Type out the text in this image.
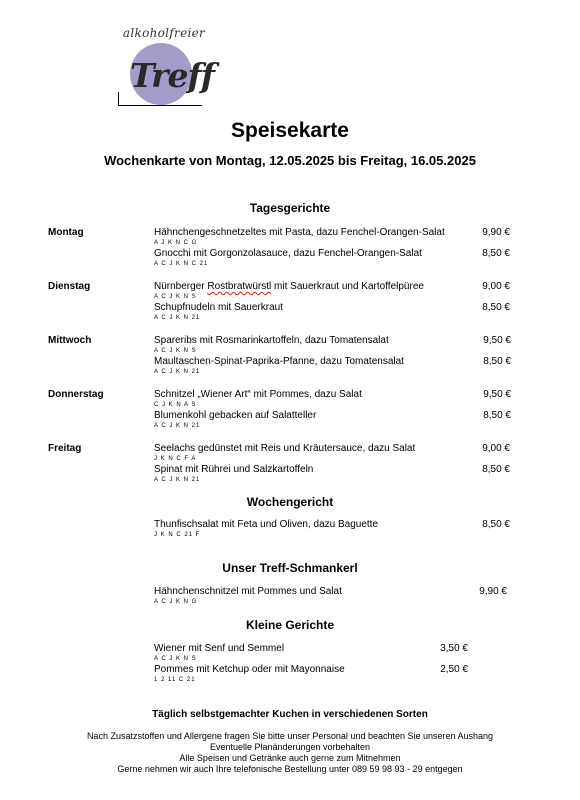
alkoholfreier
Treff
Speisekarte
Wochenkarte von Montag, 12.05.2025 bis Freitag, 16.05.2025
Tagesgerichte
Montag	Hähnchengeschnetzeltes mit Pasta, dazu Fenchel-Orangen-Salat	9,90 €
A J K N C G
Gnocchi mit Gorgonzolasauce, dazu Fenchel-Orangen-Salat	8,50 €
A C J K N C 21
Dienstag	Nürnberger Rostbratwürstl mit Sauerkraut und Kartoffelpüree	9,00 €
A C J K N S
Schupfnudeln mit Sauerkraut	8,50 €
A C J K N 21
Mittwoch	Spareribs mit Rosmarinkartoffeln, dazu Tomatensalat	9,50 €
A C J K N S
Maultaschen-Spinat-Paprika-Pfanne, dazu Tomatensalat	8,50 €
A C J K N 21
Donnerstag	Schnitzel „Wiener Art“ mit Pommes, dazu Salat	9,50 €
C J K N A S
Blumenkohl gebacken auf Salatteller	8,50 €
A C J K N 21
Freitag	Seelachs gedünstet mit Reis und Kräutersauce, dazu Salat	9,00 €
J K N C F A
Spinat mit Rührei und Salzkartoffeln	8,50 €
A C J K N 21
Wochengericht
Thunfischsalat mit Feta und Oliven, dazu Baguette	8,50 €
J K N C 21 F
Unser Treff-Schmankerl
Hähnchenschnitzel mit Pommes und Salat	9,90 €
A C J K N G
Kleine Gerichte
Wiener mit Senf und Semmel	3,50 €
A C J K N S
Pommes mit Ketchup oder mit Mayonnaise	2,50 €
1 2 11 C 21
Täglich selbstgemachter Kuchen in verschiedenen Sorten
Nach Zusatzstoffen und Allergene fragen Sie bitte unser Personal und beachten Sie unseren Aushang
Eventuelle Planänderungen vorbehalten
Alle Speisen und Getränke auch gerne zum Mitnehmen
Gerne nehmen wir auch Ihre telefonische Bestellung unter 089 59 98 93 - 29 entgegen
